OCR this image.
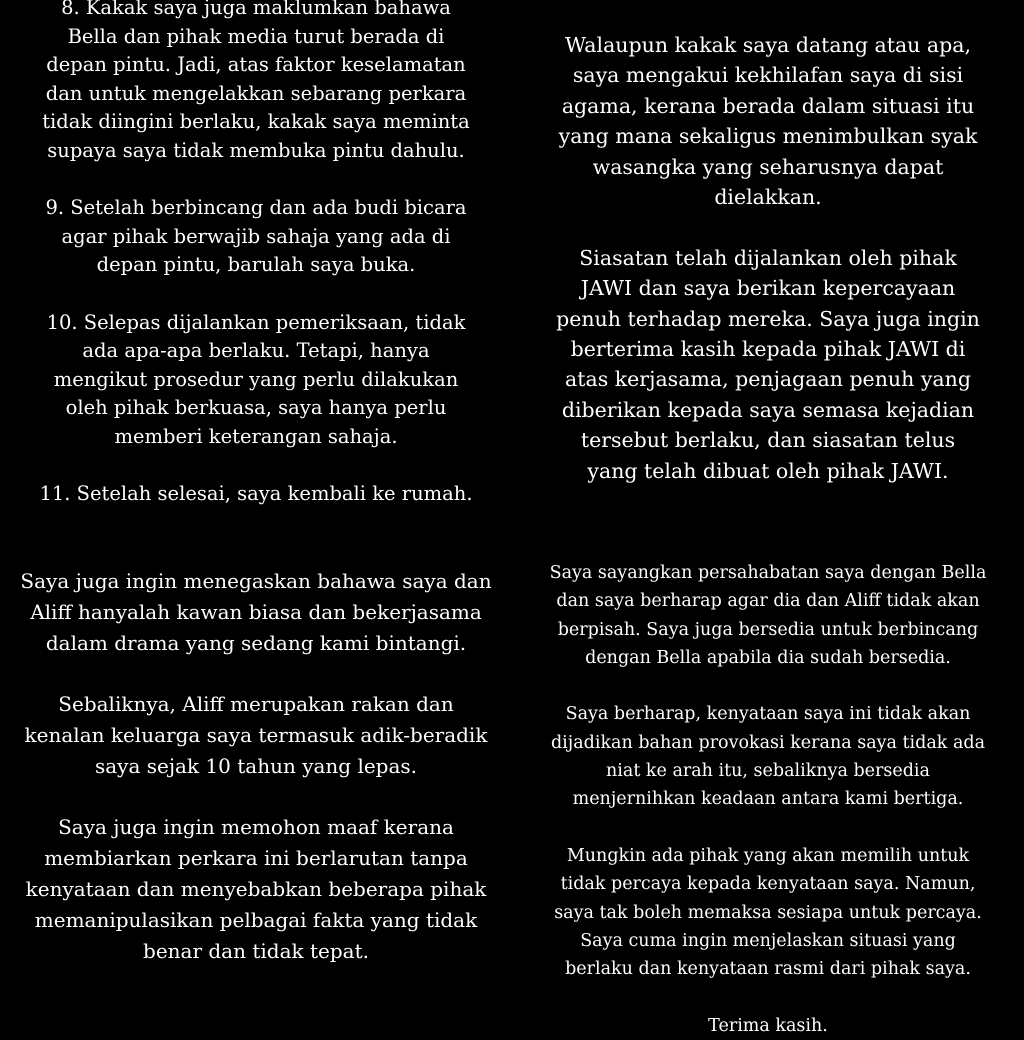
8. Kakak saya juga maklumkan bahawa
Bella dan pihak media turut berada di
depan pintu. Jadi, atas faktor keselamatan
dan untuk mengelakkan sebarang perkara
tidak diingini berlaku, kakak saya meminta
supaya saya tidak membuka pintu dahulu.

9. Setelah berbincang dan ada budi bicara
agar pihak berwajib sahaja yang ada di
depan pintu, barulah saya buka.

10. Selepas dijalankan pemeriksaan, tidak
ada apa-apa berlaku. Tetapi, hanya
mengikut prosedur yang perlu dilakukan
oleh pihak berkuasa, saya hanya perlu
memberi keterangan sahaja.

11. Setelah selesai, saya kembali ke rumah.

Walaupun kakak saya datang atau apa,
saya mengakui kekhilafan saya di sisi
agama, kerana berada dalam situasi itu
yang mana sekaligus menimbulkan syak
wasangka yang seharusnya dapat
dielakkan.

Siasatan telah dijalankan oleh pihak
JAWI dan saya berikan kepercayaan
penuh terhadap mereka. Saya juga ingin
berterima kasih kepada pihak JAWI di
atas kerjasama, penjagaan penuh yang
diberikan kepada saya semasa kejadian
tersebut berlaku, dan siasatan telus
yang telah dibuat oleh pihak JAWI.

Saya juga ingin menegaskan bahawa saya dan
Aliff hanyalah kawan biasa dan bekerjasama
dalam drama yang sedang kami bintangi.

Sebaliknya, Aliff merupakan rakan dan
kenalan keluarga saya termasuk adik-beradik
saya sejak 10 tahun yang lepas.

Saya juga ingin memohon maaf kerana
membiarkan perkara ini berlarutan tanpa
kenyataan dan menyebabkan beberapa pihak
memanipulasikan pelbagai fakta yang tidak
benar dan tidak tepat.

Saya sayangkan persahabatan saya dengan Bella
dan saya berharap agar dia dan Aliff tidak akan
berpisah. Saya juga bersedia untuk berbincang
dengan Bella apabila dia sudah bersedia.

Saya berharap, kenyataan saya ini tidak akan
dijadikan bahan provokasi kerana saya tidak ada
niat ke arah itu, sebaliknya bersedia
menjernihkan keadaan antara kami bertiga.

Mungkin ada pihak yang akan memilih untuk
tidak percaya kepada kenyataan saya. Namun,
saya tak boleh memaksa sesiapa untuk percaya.
Saya cuma ingin menjelaskan situasi yang
berlaku dan kenyataan rasmi dari pihak saya.

Terima kasih.
